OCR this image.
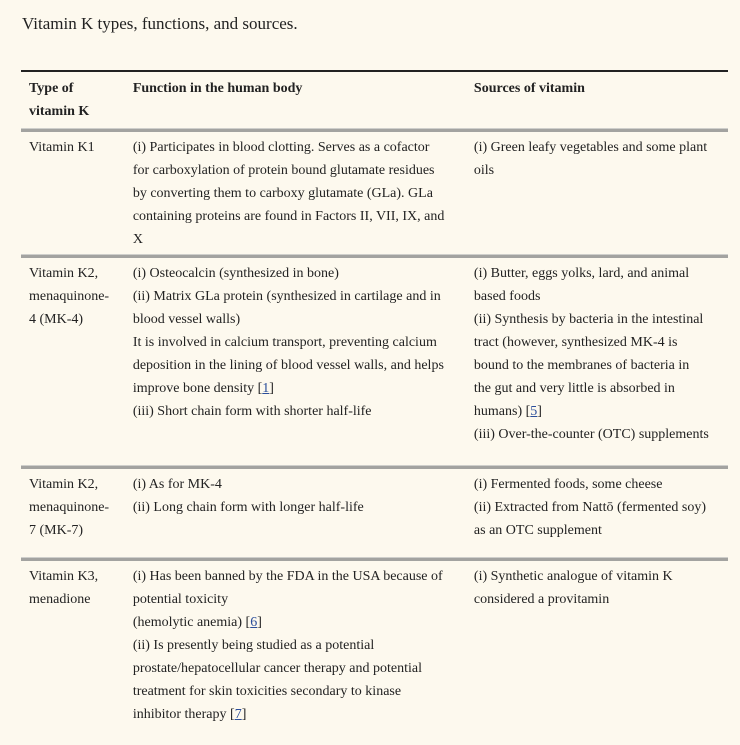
Vitamin K types, functions, and sources.
Type of
vitamin K
Function in the human body	Sources of vitamin
Vitamin K1	(i) Participates in blood clotting. Serves as a cofactor
for carboxylation of protein bound glutamate residues
by converting them to carboxy glutamate (GLa). GLa
containing proteins are found in Factors II, VII, IX, and
X
(i) Green leafy vegetables and some plant
oils
Vitamin K2,
menaquinone-
4 (MK-4)
(i) Osteocalcin (synthesized in bone)
(ii) Matrix GLa protein (synthesized in cartilage and in
blood vessel walls)
It is involved in calcium transport, preventing calcium
deposition in the lining of blood vessel walls, and helps
improve bone density [1]
(iii) Short chain form with shorter half-life
(i) Butter, eggs yolks, lard, and animal
based foods
(ii) Synthesis by bacteria in the intestinal
tract (however, synthesized MK-4 is
bound to the membranes of bacteria in
the gut and very little is absorbed in
humans) [5]
(iii) Over-the-counter (OTC) supplements
Vitamin K2,
menaquinone-
7 (MK-7)
(i) As for MK-4
(ii) Long chain form with longer half-life
(i) Fermented foods, some cheese
(ii) Extracted from Nattō (fermented soy)
as an OTC supplement
Vitamin K3,
menadione
(i) Has been banned by the FDA in the USA because of
potential toxicity
(hemolytic anemia) [6]
(ii) Is presently being studied as a potential
prostate/hepatocellular cancer therapy and potential
treatment for skin toxicities secondary to kinase
inhibitor therapy [7]
(i) Synthetic analogue of vitamin K
considered a provitamin
